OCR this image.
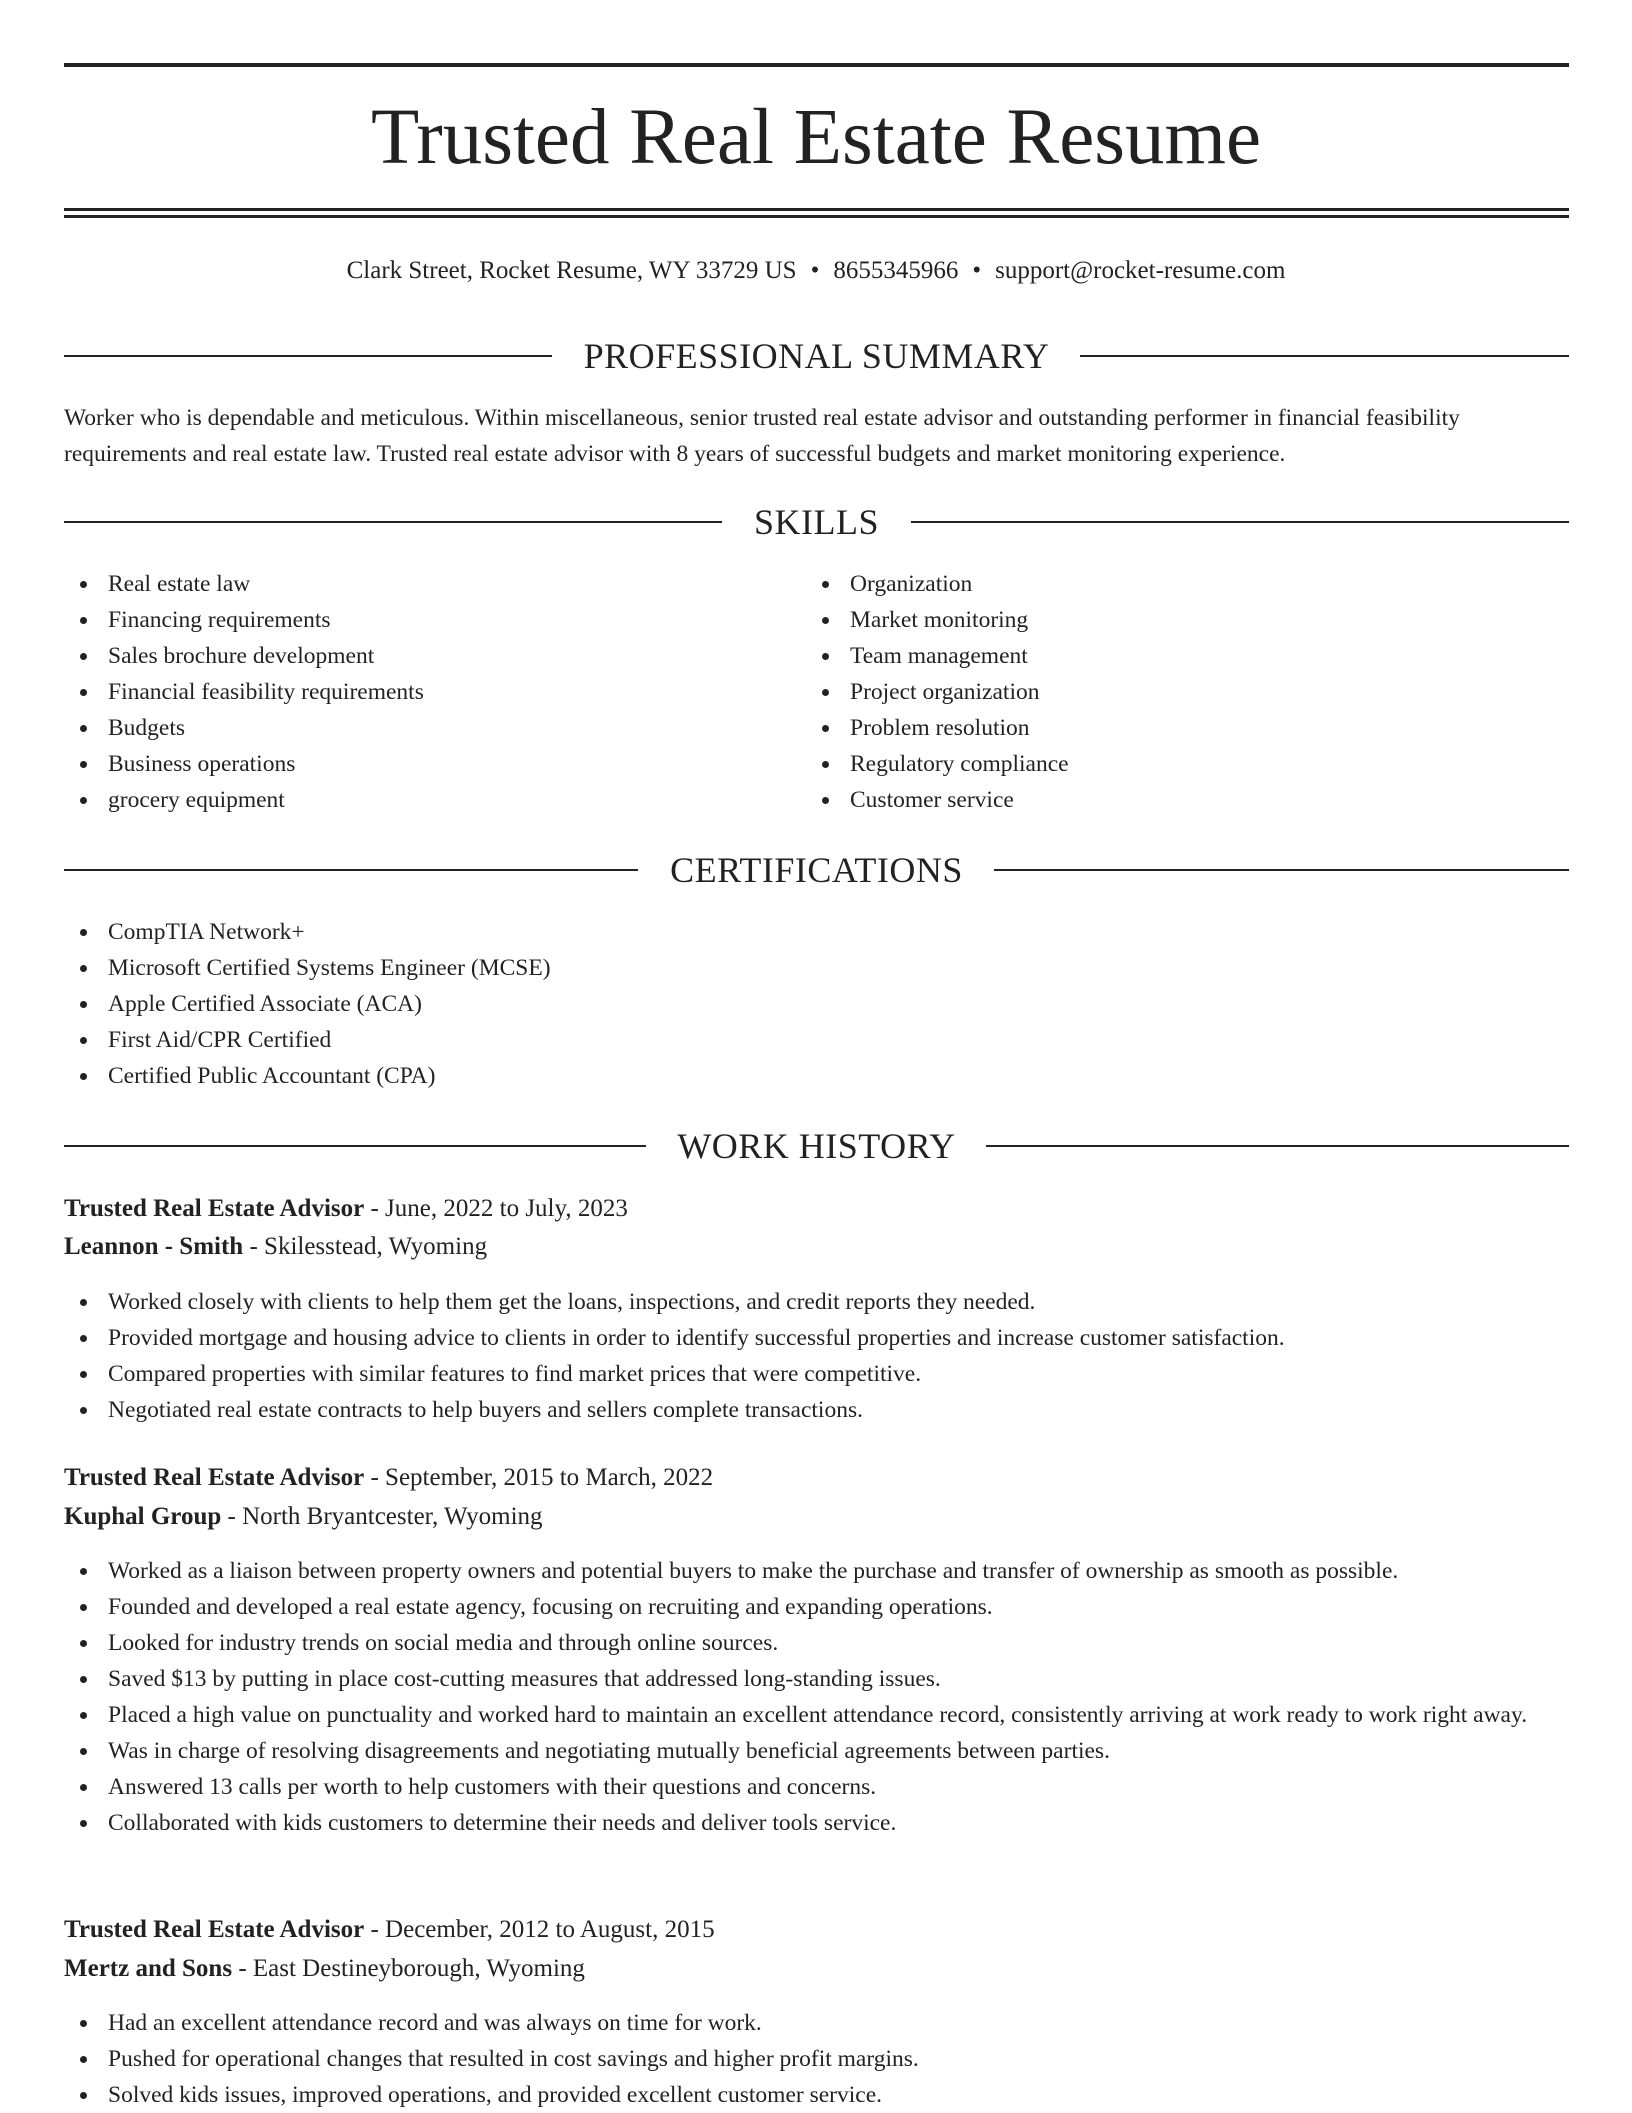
Trusted Real Estate Resume
Clark Street, Rocket Resume, WY 33729 US • 8655345966 • support@rocket-resume.com
PROFESSIONAL SUMMARY

Worker who is dependable and meticulous. Within miscellaneous, senior trusted real estate advisor and outstanding performer in financial feasibility requirements and real estate law. Trusted real estate advisor with 8 years of successful budgets and market monitoring experience.

SKILLS
Real estate law
Financing requirements
Sales brochure development
Financial feasibility requirements
Budgets
Business operations
grocery equipment
Organization
Market monitoring
Team management
Project organization
Problem resolution
Regulatory compliance
Customer service
CERTIFICATIONS
CompTIA Network+
Microsoft Certified Systems Engineer (MCSE)
Apple Certified Associate (ACA)
First Aid/CPR Certified
Certified Public Accountant (CPA)
WORK HISTORY
Trusted Real Estate Advisor - June, 2022 to July, 2023
Leannon - Smith - Skilesstead, Wyoming
Worked closely with clients to help them get the loans, inspections, and credit reports they needed.
Provided mortgage and housing advice to clients in order to identify successful properties and increase customer satisfaction.
Compared properties with similar features to find market prices that were competitive.
Negotiated real estate contracts to help buyers and sellers complete transactions.
Trusted Real Estate Advisor - September, 2015 to March, 2022
Kuphal Group - North Bryantcester, Wyoming
Worked as a liaison between property owners and potential buyers to make the purchase and transfer of ownership as smooth as possible.
Founded and developed a real estate agency, focusing on recruiting and expanding operations.
Looked for industry trends on social media and through online sources.
Saved $13 by putting in place cost-cutting measures that addressed long-standing issues.
Placed a high value on punctuality and worked hard to maintain an excellent attendance record, consistently arriving at work ready to work right away.
Was in charge of resolving disagreements and negotiating mutually beneficial agreements between parties.
Answered 13 calls per worth to help customers with their questions and concerns.
Collaborated with kids customers to determine their needs and deliver tools service.
Trusted Real Estate Advisor - December, 2012 to August, 2015
Mertz and Sons - East Destineyborough, Wyoming
Had an excellent attendance record and was always on time for work.
Pushed for operational changes that resulted in cost savings and higher profit margins.
Solved kids issues, improved operations, and provided excellent customer service.
